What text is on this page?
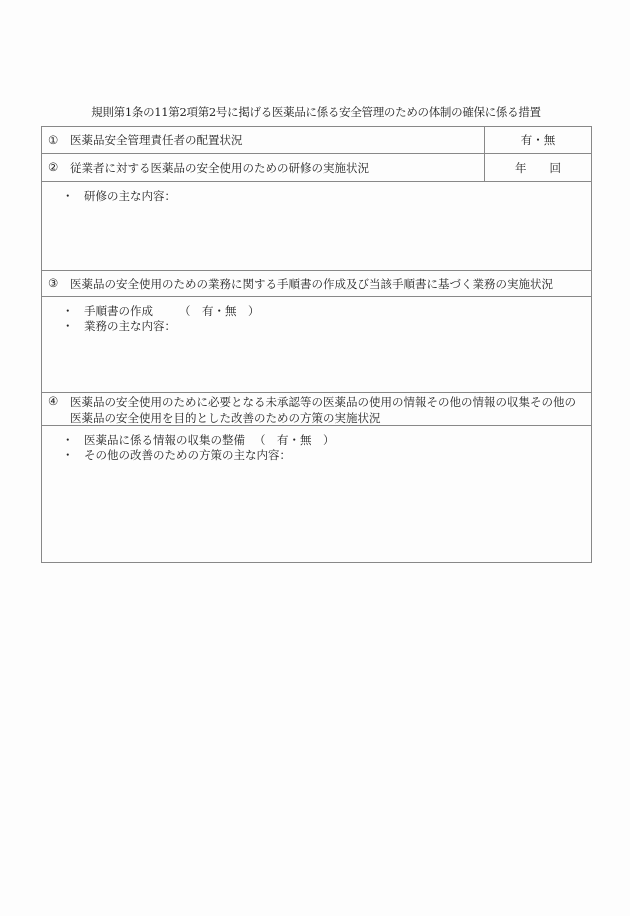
規則第1条の11第2項第2号に掲げる医薬品に係る安全管理のための体制の確保に係る措置
① 医薬品安全管理責任者の配置状況	有・無
② 従業者に対する医薬品の安全使用のための研修の実施状況	年　　回
・ 研修の主な内容：
③ 医薬品の安全使用のための業務に関する手順書の作成及び当該手順書に基づく業務の実施状況
・ 手順書の作成	（　有・無　）
・ 業務の主な内容：
④ 医薬品の安全使用のために必要となる未承認等の医薬品の使用の情報その他の情報の収集その他の医薬品の安全使用を目的とした改善のための方策の実施状況
・ 医薬品に係る情報の収集の整備 （　有・無　）
・ その他の改善のための方策の主な内容：
